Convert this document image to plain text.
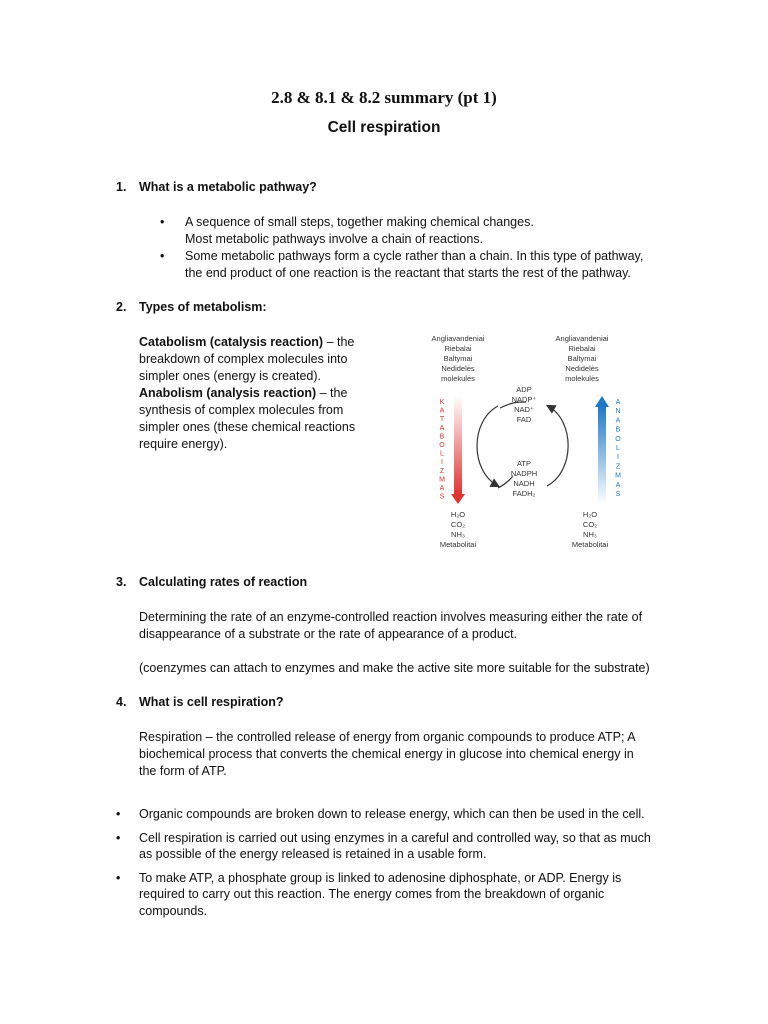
2.8 & 8.1 & 8.2 summary (pt 1)
Cell respiration
1. What is a metabolic pathway?
• A sequence of small steps, together making chemical changes.
Most metabolic pathways involve a chain of reactions.
• Some metabolic pathways form a cycle rather than a chain. In this type of pathway,
the end product of one reaction is the reactant that starts the rest of the pathway.
2. Types of metabolism:
Catabolism (catalysis reaction) – the
breakdown of complex molecules into
simpler ones (energy is created).
Anabolism (analysis reaction) – the
synthesis of complex molecules from
simpler ones (these chemical reactions
require energy).
Angliavandeniai
Riebalai
Baltymai
Nedidelės
molekulės
Angliavandeniai
Riebalai
Baltymai
Nedidelės
molekulės
K
A
T
A
B
O
L
I
Z
M
A
S
A
N
A
B
O
L
I
Z
M
A
S
ADP
NADP⁺
NAD⁺
FAD
ATP
NADPH
NADH
FADH₂
H₂O
CO₂
NH₃
Metabolitai
H₂O
CO₂
NH₃
Metabolitai
3. Calculating rates of reaction
Determining the rate of an enzyme-controlled reaction involves measuring either the rate of
disappearance of a substrate or the rate of appearance of a product.
(coenzymes can attach to enzymes and make the active site more suitable for the substrate)
4. What is cell respiration?
Respiration – the controlled release of energy from organic compounds to produce ATP; A
biochemical process that converts the chemical energy in glucose into chemical energy in
the form of ATP.
• Organic compounds are broken down to release energy, which can then be used in the cell.
• Cell respiration is carried out using enzymes in a careful and controlled way, so that as much
as possible of the energy released is retained in a usable form.
• To make ATP, a phosphate group is linked to adenosine diphosphate, or ADP. Energy is
required to carry out this reaction. The energy comes from the breakdown of organic
compounds.
